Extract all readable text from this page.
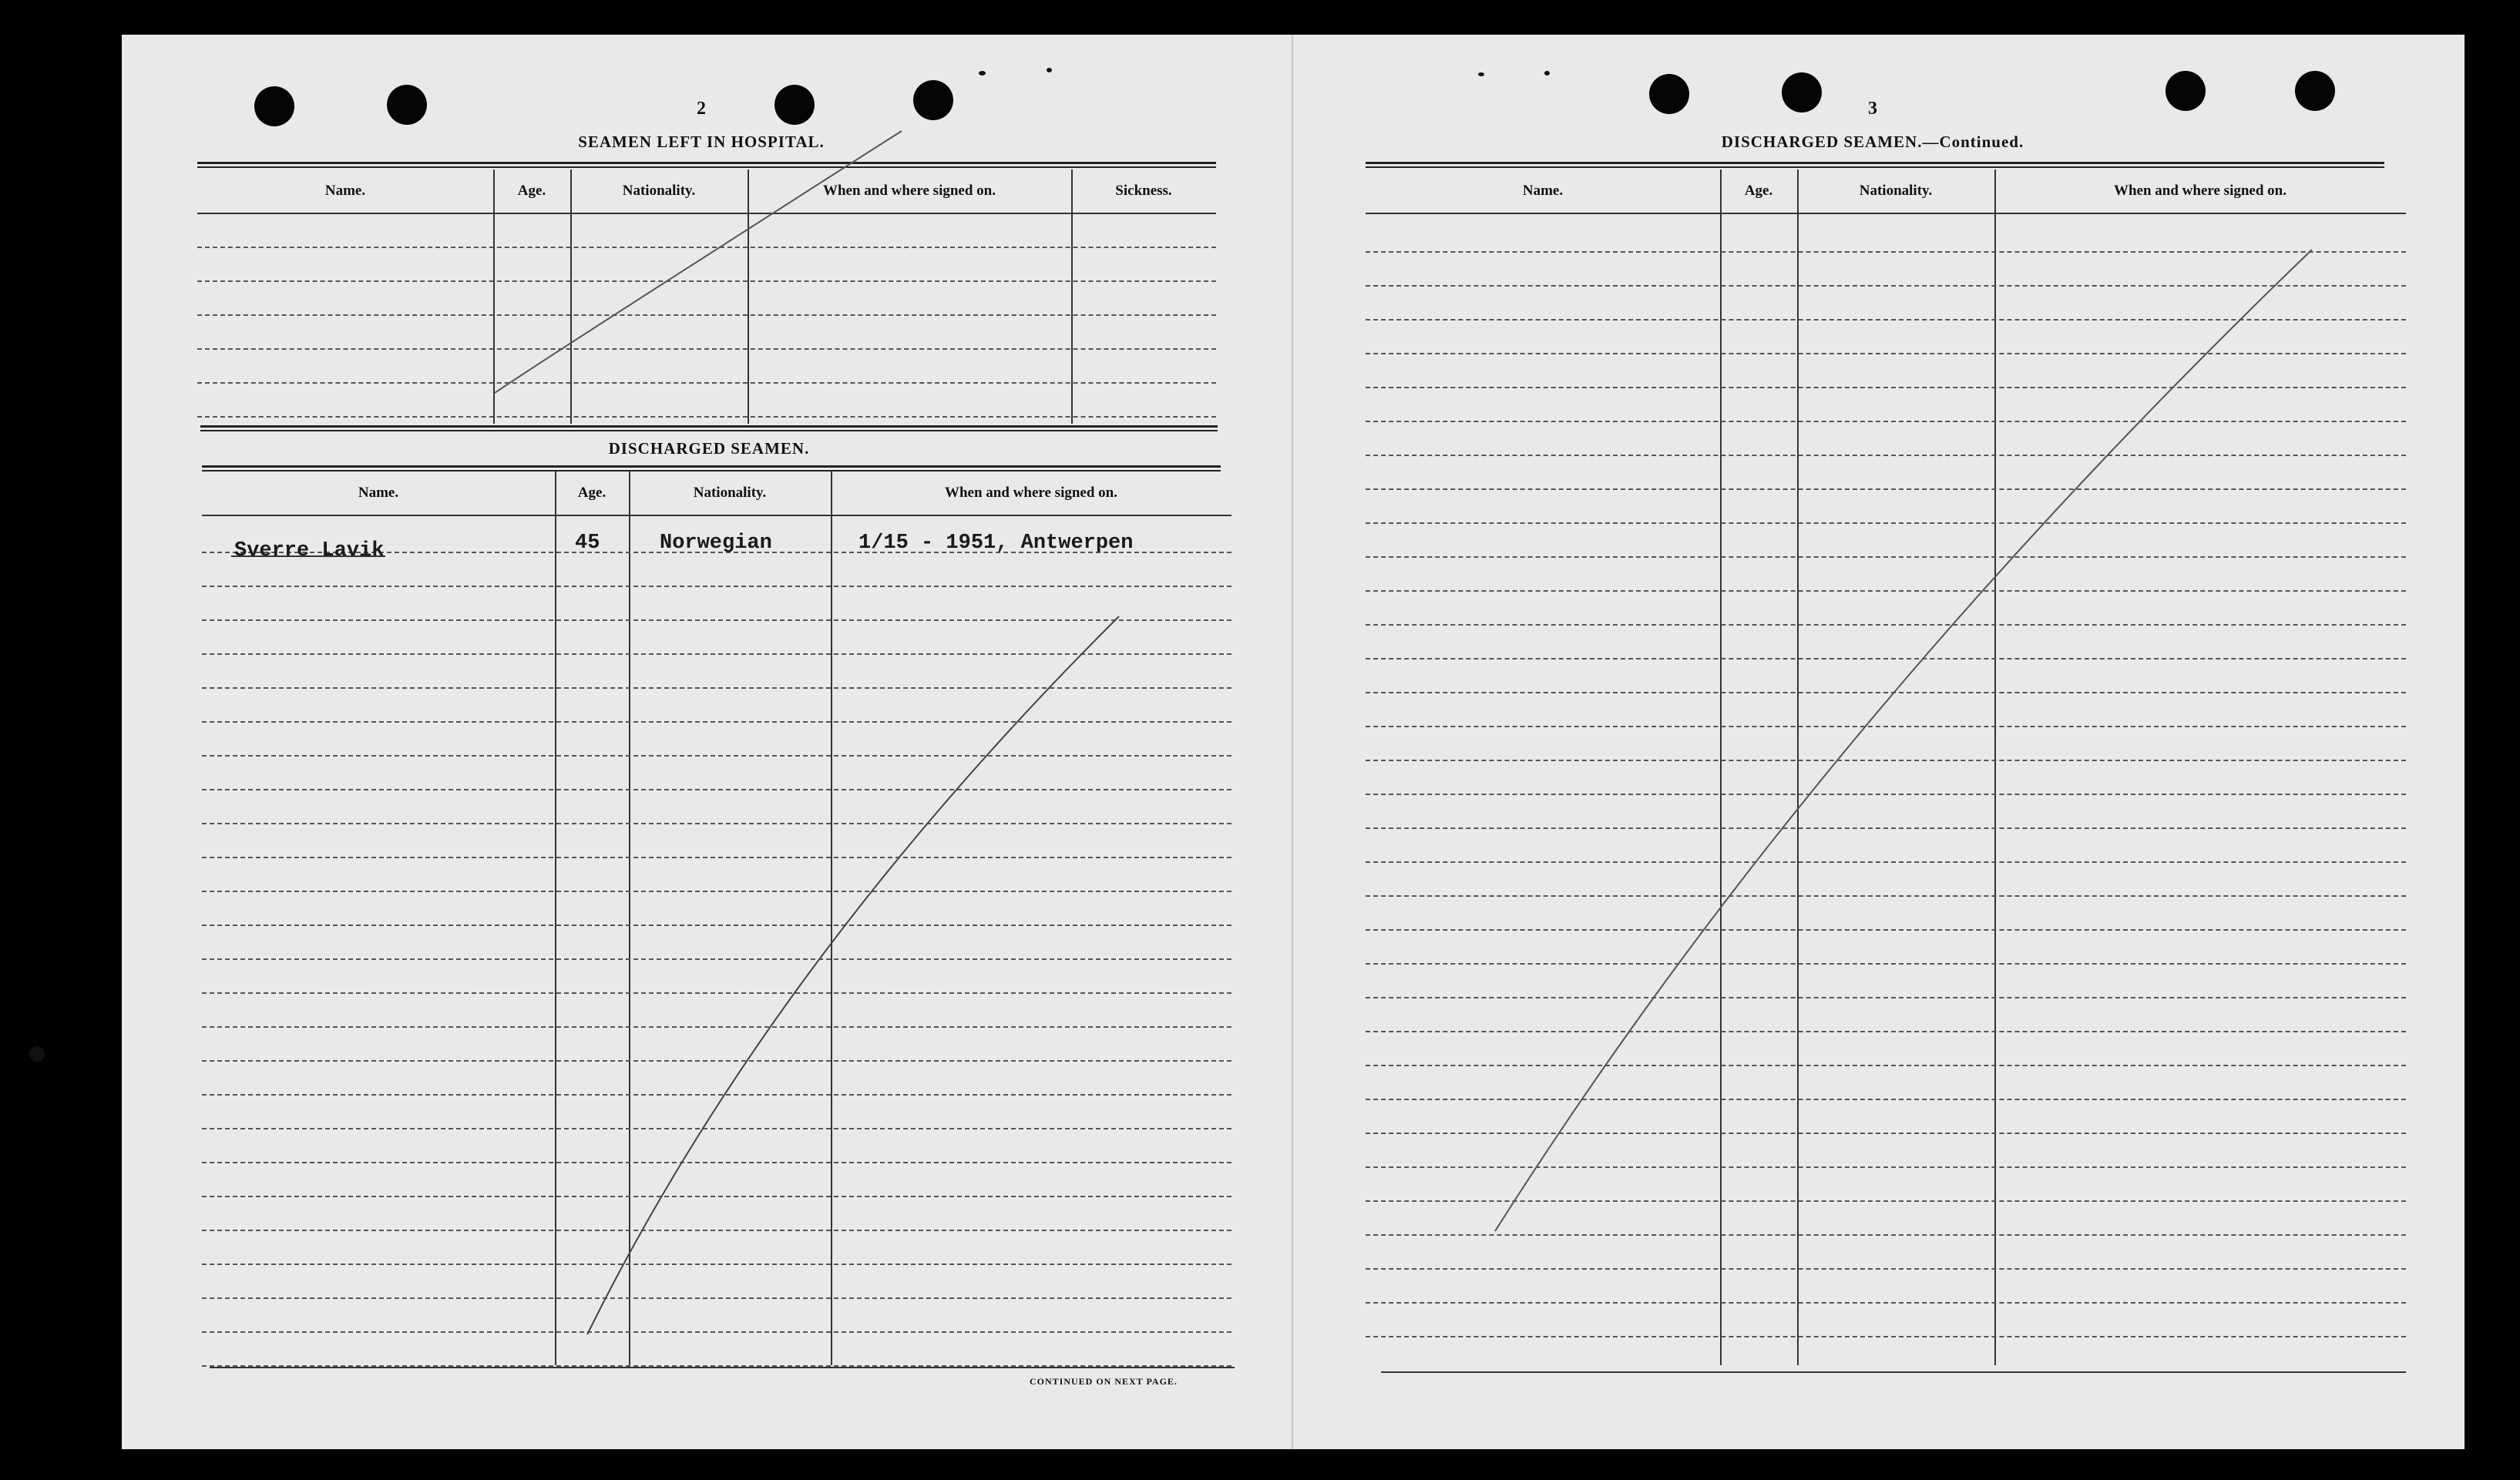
2
SEAMEN LEFT IN HOSPITAL.
Name.	Age.	Nationality.	When and where signed on.	Sickness.
DISCHARGED SEAMEN.
Name.	Age.	Nationality.	When and where signed on.
Sverre Lavik	45	Norwegian	1/15 - 1951, Antwerpen
CONTINUED ON NEXT PAGE.
3
DISCHARGED SEAMEN.—Continued.
Name.	Age.	Nationality.	When and where signed on.
